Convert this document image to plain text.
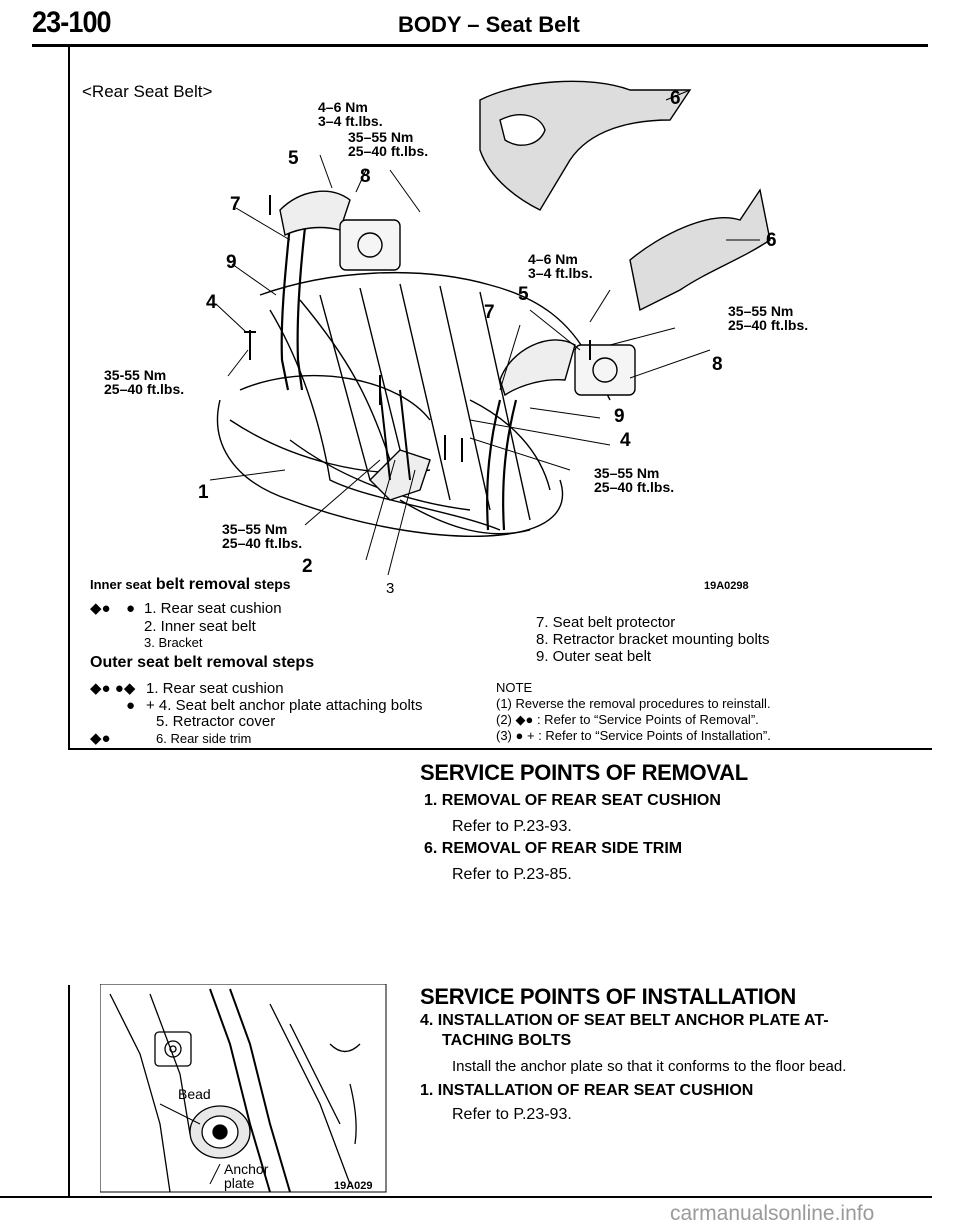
23-100	BODY – Seat Belt
<Rear Seat Belt>
4–6 Nm
3–4 ft.lbs.
35–55 Nm
25–40 ft.lbs.
4–6 Nm
3–4 ft.lbs.
35–55 Nm
25–40 ft.lbs.
35-55 Nm
25–40 ft.lbs.
35–55 Nm
25–40 ft.lbs.
35–55 Nm
25–40 ft.lbs.
5
7
8
9
4
6
6
5
7
8
9
4
1
2
19A0298
Inner seat belt removal steps	3
◆● ● 1. Rear seat cushion
2. Inner seat belt
3. Bracket
Outer seat belt removal steps
◆● ●◆ 1. Rear seat cushion
● + 4. Seat belt anchor plate attaching bolts
5. Retractor cover
◆●	6. Rear side trim
7. Seat belt protector
8. Retractor bracket mounting bolts
9. Outer seat belt
NOTE
(1) Reverse the removal procedures to reinstall.
(2) ◆● : Refer to “Service Points of Removal”.
(3) ● + : Refer to “Service Points of Installation”.
SERVICE POINTS OF REMOVAL
1. REMOVAL OF REAR SEAT CUSHION
Refer to P.23-93.
6. REMOVAL OF REAR SIDE TRIM
Refer to P.23-85.
SERVICE POINTS OF INSTALLATION
4. INSTALLATION OF SEAT BELT ANCHOR PLATE AT-
TACHING BOLTS
Install the anchor plate so that it conforms to the floor bead.
1. INSTALLATION OF REAR SEAT CUSHION
Refer to P.23-93.
Bead
Anchor
plate	19A029
carmanualsonline.info
